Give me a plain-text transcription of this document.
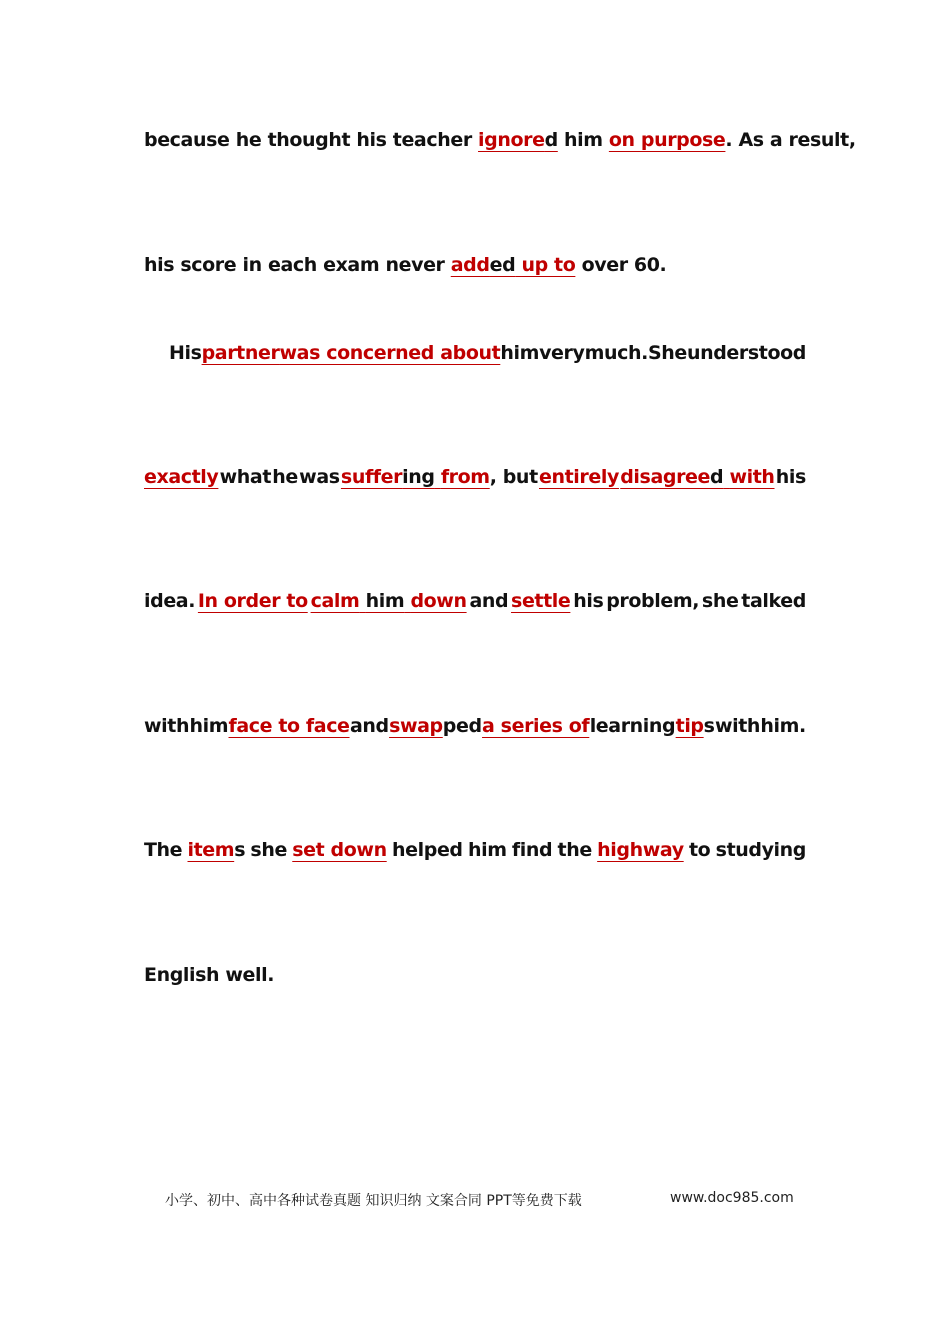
because he thought his teacher ignored him on purpose. As a result,
his score in each exam never added up to over 60.
His partner was concerned about him very much. She understood
exactly what he was suffering from, but entirely disagreed with his
idea. In order to calm him down and settle his problem, she talked
with him face to face and swapped a series of learning tips with him.
The items she set down helped him find the highway to studying
English well.
小学、初中、高中各种试卷真题 知识归纳 文案合同 PPT等免费下载	www.doc985.com
